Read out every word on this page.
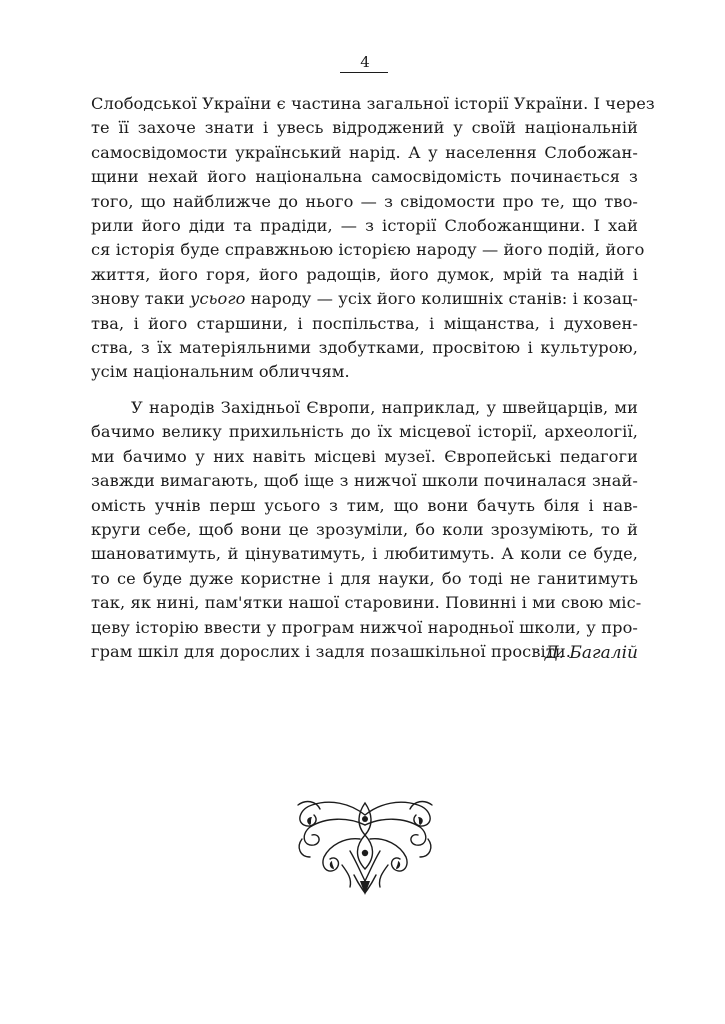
4
Слободської України є частина загальної історії України. І через
те її захоче знати і увесь відроджений у своїй національній
самосвідомости український нарід. А у населення Слобожан-
щини нехай його національна самосвідомість починається з
того, що найближче до нього — з свідомости про те, що тво-
рили його діди та прадіди, — з історії Слобожанщини. І хай
ся історія буде справжньою історією народу — його подій, його
життя, його горя, його радощів, його думок, мрій та надій і
знову таки усього народу — усіх його колишніх станів: і козац-
тва, і його старшини, і поспільства, і міщанства, і духовен-
ства, з їх матеріяльними здобутками, просвітою і культурою,
усім національним обличчям.
У народів Західньої Європи, наприклад, у швейцарців, ми
бачимо велику прихильність до їх місцевої історії, археології,
ми бачимо у них навіть місцеві музеї. Європейські педагоги
завжди вимагають, щоб іще з нижчої школи починалася знай-
омість учнів перш усього з тим, що вони бачуть біля і нав-
круги себе, щоб вони це зрозуміли, бо коли зрозуміють, то й
шановатимуть, й цінуватимуть, і любитимуть. А коли се буде,
то се буде дуже користне і для науки, бо тоді не ганитимуть
так, як нині, пам'ятки нашої старовини. Повинні і ми свою міс-
цеву історію ввести у програм нижчої народньої школи, у про-
грам шкіл для дорослих і задля позашкільної просвіти.
Д. Багалій
